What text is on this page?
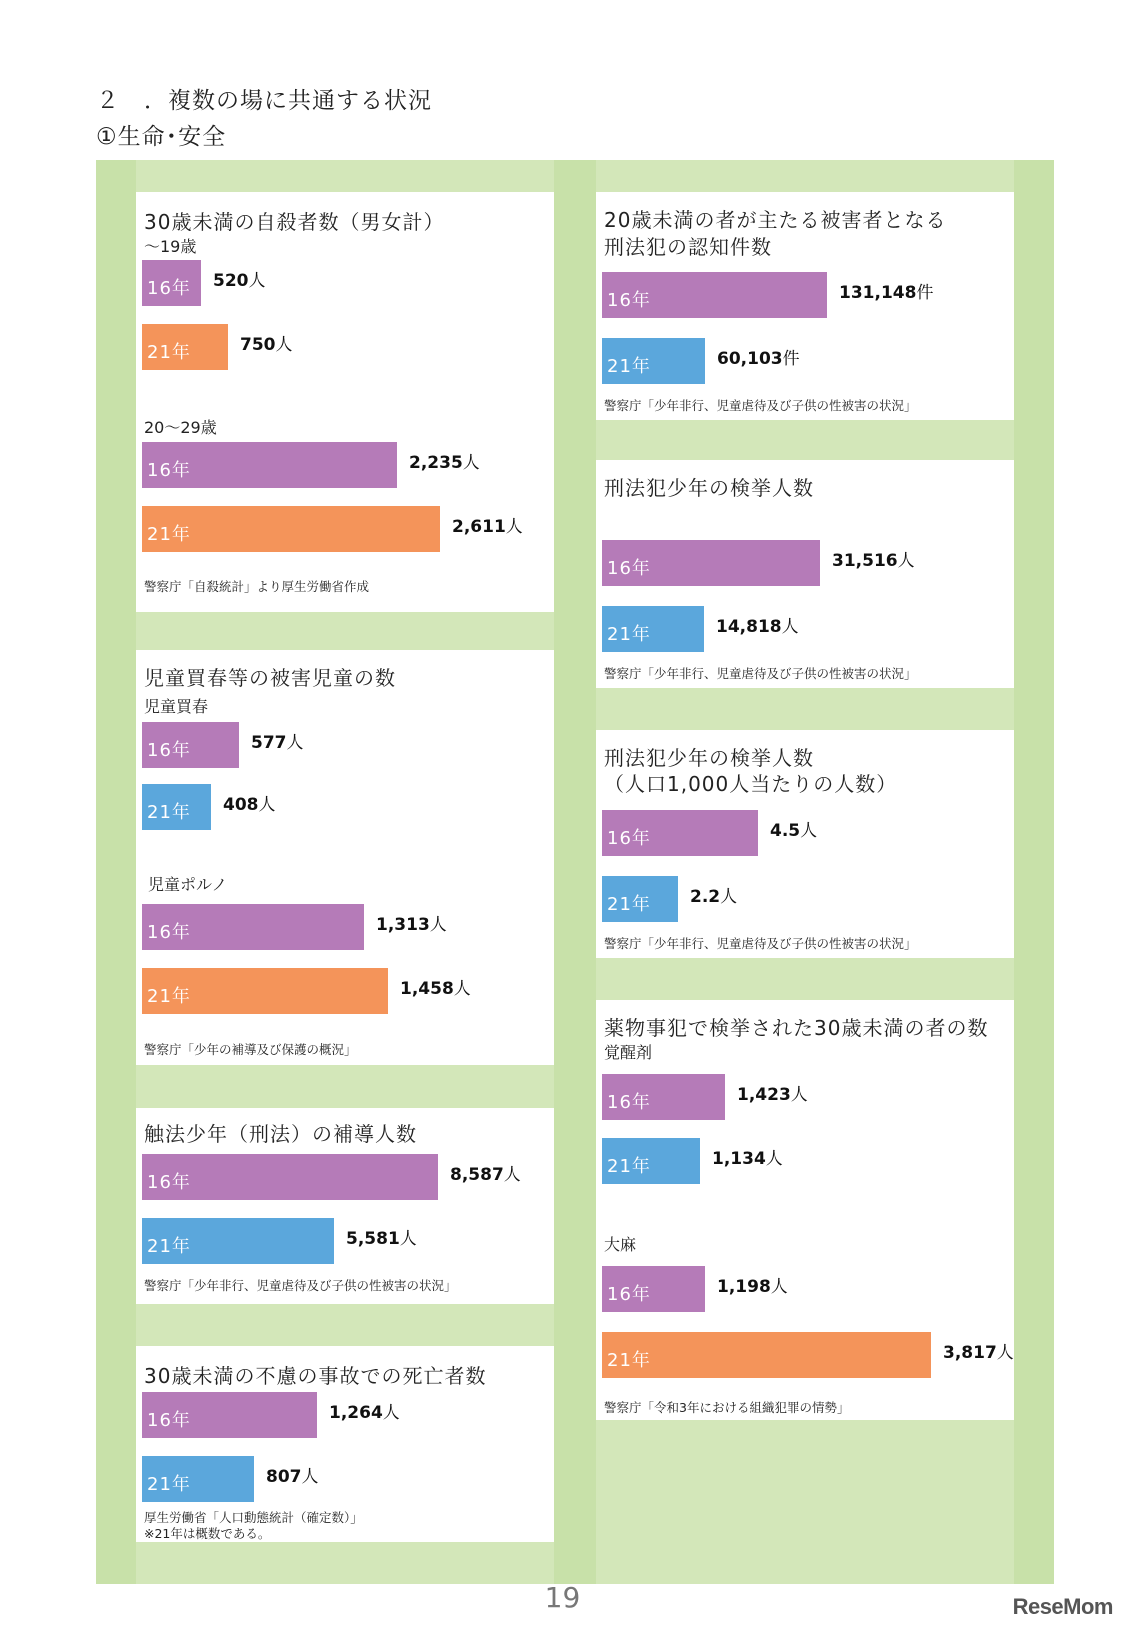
２　．複数の場に共通する状況
①生命･安全
30歳未満の自殺者数（男女計）
～19歳
16年 520人
21年	750人
20～29歳
16年	2,235人
21年	2,611人
警察庁「自殺統計」より厚生労働省作成
児童買春等の被害児童の数
児童買春
16年	577人
21年 408人
児童ポルノ
16年	1,313人
21年	1,458人
警察庁「少年の補導及び保護の概況」
触法少年（刑法）の補導人数
16年	8,587人
21年	5,581人
警察庁「少年非行、児童虐待及び子供の性被害の状況」
30歳未満の不慮の事故での死亡者数
16年	1,264人
21年	807人
厚生労働省「人口動態統計（確定数）」
※21年は概数である。
20歳未満の者が主たる被害者となる
刑法犯の認知件数
16年	131,148件
21年	60,103件
警察庁「少年非行、児童虐待及び子供の性被害の状況」
刑法犯少年の検挙人数
16年	31,516人
21年	14,818人
警察庁「少年非行、児童虐待及び子供の性被害の状況」
刑法犯少年の検挙人数
（人口1,000人当たりの人数）
16年	4.5人
21年 2.2人
警察庁「少年非行、児童虐待及び子供の性被害の状況」
薬物事犯で検挙された30歳未満の者の数
覚醒剤
16年	1,423人
21年	1,134人
大麻
16年	1,198人
21年	3,817人
警察庁「令和3年における組織犯罪の情勢」
19	ReseMom
